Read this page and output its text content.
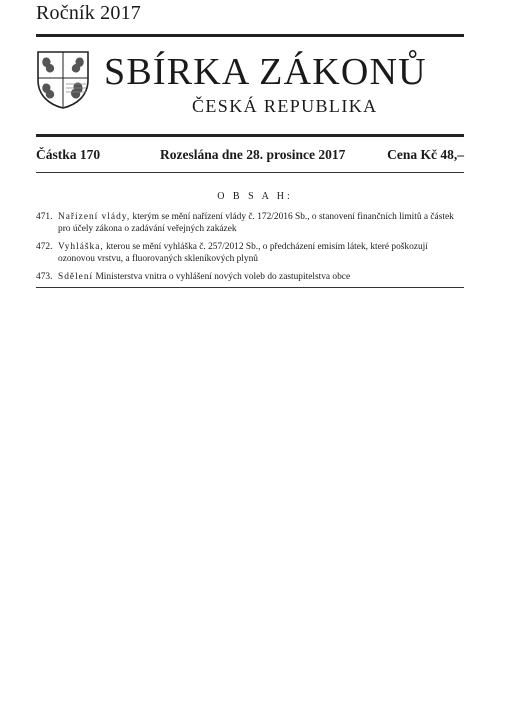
Ročník 2017
SBÍRKA ZÁKONŮ
ČESKÁ REPUBLIKA
Částka 170	Rozeslána dne 28. prosince 2017	Cena Kč 48,–
O B S A H:
471. Nařízení vlády, kterým se mění nařízení vlády č. 172/2016 Sb., o stanovení finančních limitů a částek pro účely zákona o zadávání veřejných zakázek
472. Vyhláška, kterou se mění vyhláška č. 257/2012 Sb., o předcházení emisím látek, které poškozují ozonovou vrstvu, a fluorovaných skleníkových plynů
473. Sdělení Ministerstva vnitra o vyhlášení nových voleb do zastupitelstva obce
